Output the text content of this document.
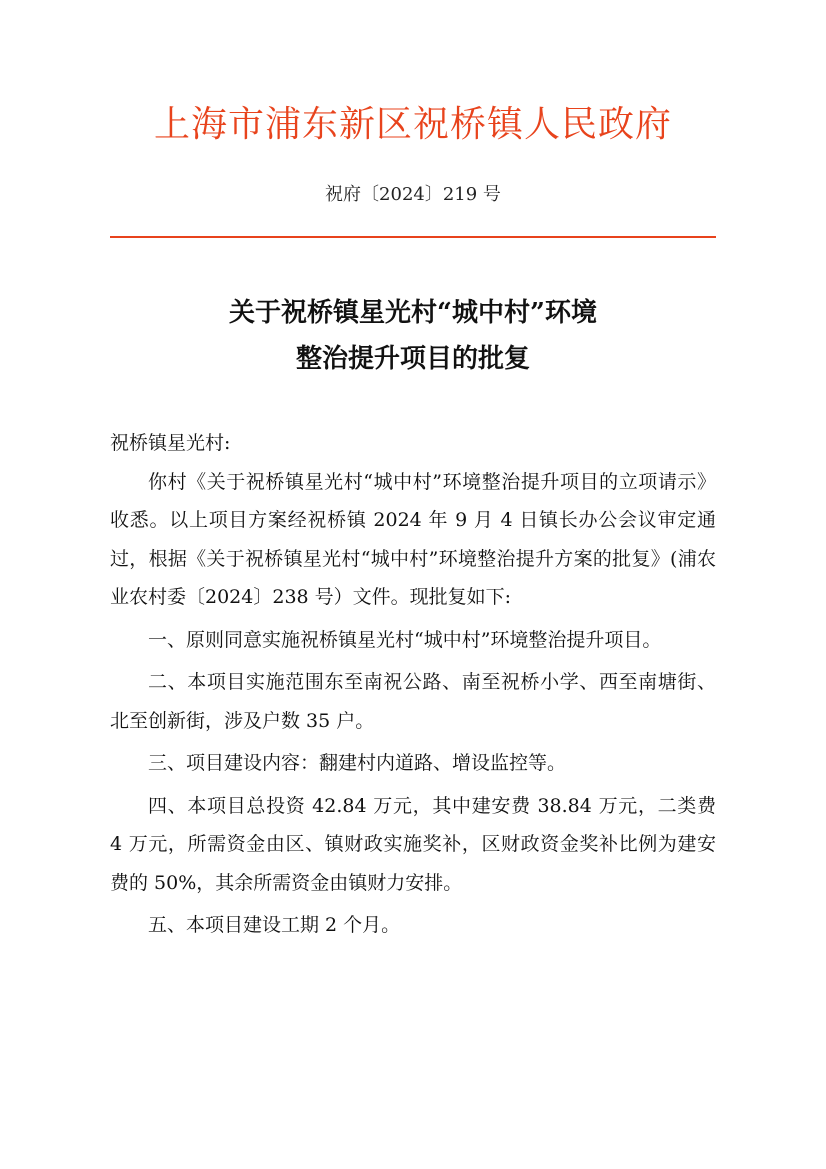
上海市浦东新区祝桥镇人民政府
祝府〔2024〕219 号
关于祝桥镇星光村“城中村”环境
整治提升项目的批复

祝桥镇星光村:

你村《关于祝桥镇星光村“城中村”环境整治提升项目的立项请示》收悉。以上项目方案经祝桥镇 2024 年 9 月 4 日镇长办公会议审定通过，根据《关于祝桥镇星光村“城中村”环境整治提升方案的批复》(浦农业农村委〔2024〕238 号）文件。现批复如下:

一、原则同意实施祝桥镇星光村“城中村”环境整治提升项目。

二、本项目实施范围东至南祝公路、南至祝桥小学、西至南塘街、北至创新街，涉及户数 35 户。

三、项目建设内容：翻建村内道路、增设监控等。

四、本项目总投资 42.84 万元，其中建安费 38.84 万元，二类费 4 万元，所需资金由区、镇财政实施奖补，区财政资金奖补比例为建安费的 50%，其余所需资金由镇财力安排。

五、本项目建设工期 2 个月。
